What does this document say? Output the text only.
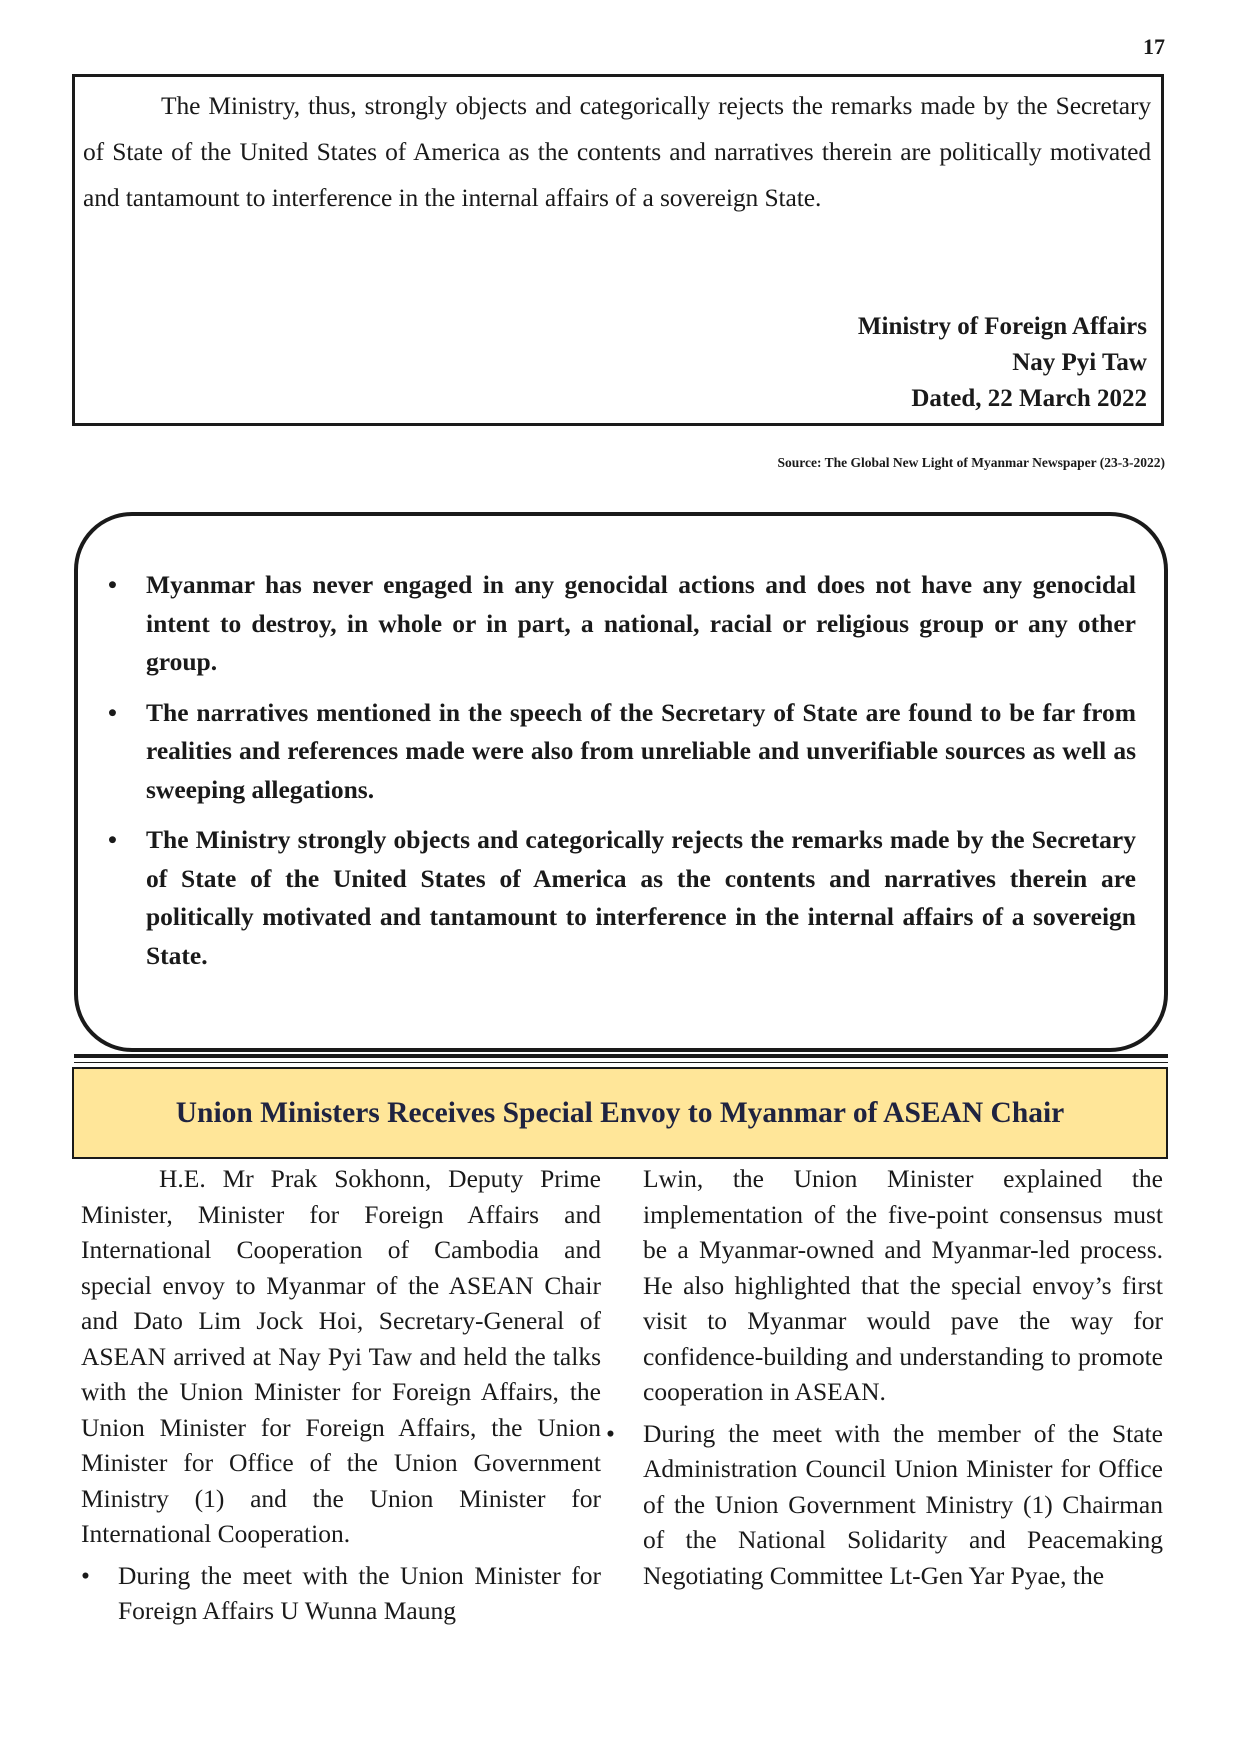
17

The Ministry, thus, strongly objects and categorically rejects the remarks made by the Secretary of State of the United States of America as the contents and narratives therein are politically motivated and tantamount to interference in the internal affairs of a sovereign State.

Ministry of Foreign Affairs
Nay Pyi Taw
Dated, 22 March 2022
Source: The Global New Light of Myanmar Newspaper (23-3-2022)
• Myanmar has never engaged in any genocidal actions and does not have any genocidal intent to destroy, in whole or in part, a national, racial or religious group or any other group.
• The narratives mentioned in the speech of the Secretary of State are found to be far from realities and references made were also from unreliable and unverifiable sources as well as sweeping allegations.
• The Ministry strongly objects and categorically rejects the remarks made by the Secretary of State of the United States of America as the contents and narratives therein are politically motivated and tantamount to interference in the internal affairs of a sovereign State.
Union Ministers Receives Special Envoy to Myanmar of ASEAN Chair

H.E. Mr Prak Sokhonn, Deputy Prime Minister, Minister for Foreign Affairs and International Cooperation of Cambodia and special envoy to Myanmar of the ASEAN Chair and Dato Lim Jock Hoi, Secretary-General of ASEAN arrived at Nay Pyi Taw and held the talks with the Union Minister for Foreign Affairs, the Union Minister for Foreign Affairs, the Union Minister for Office of the Union Government Ministry (1) and the Union Minister for International Cooperation.

• During the meet with the Union Minister for Foreign Affairs U Wunna Maung

Lwin, the Union Minister explained the implementation of the five-point consensus must be a Myanmar-owned and Myanmar-led process. He also highlighted that the special envoy’s first visit to Myanmar would pave the way for confidence-building and understanding to promote cooperation in ASEAN.

• During the meet with the member of the State Administration Council Union Minister for Office of the Union Government Ministry (1) Chairman of the National Solidarity and Peacemaking Negotiating Committee Lt-Gen Yar Pyae, the
